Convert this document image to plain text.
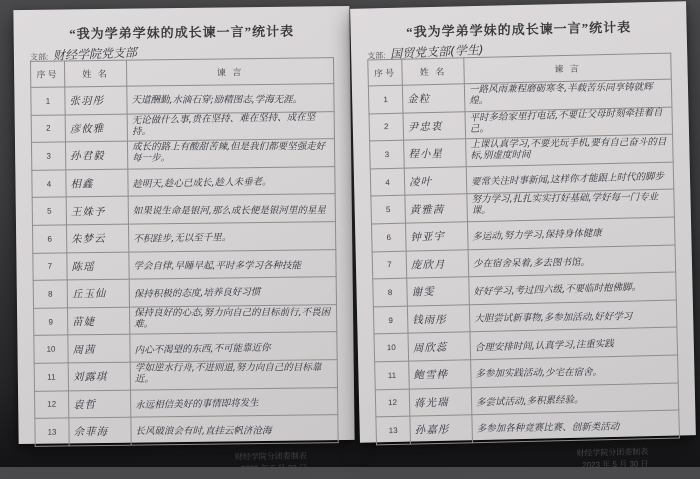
“我为学弟学妹的成长谏一言”统计表
支部: 财经学院党支部
序号	姓 名	谏 言
1	张羽彤	天道酬勤,水滴石穿;励精图志,学海无涯。
2	彦攸雅	无论做什么事,贵在坚持、难在坚持、成在坚持。
3	孙君毅	成长的路上有酸甜苦辣,但是我们都要坚强走好每一步。
4	相鑫	趁明天,趁心已成长,趁人未垂老。
5	王姝予	如果说生命是银河,那么成长便是银河里的星星
6	朱梦云	不积跬步,无以至千里。
7	陈瑶	学会自律,早睡早起,平时多学习各种技能
8	丘玉仙	保持积极的态度,培养良好习惯
9	苗婕	保持良好的心态,努力向自己的目标前行,不畏困难。
10	周茜	内心不渴望的东西,不可能靠近你
11	刘露琪	学如逆水行舟,不进则退,努力向自己的目标靠近。
12	袁哲	永远相信美好的事情即将发生
13	佘菲海	长风破浪会有时,直挂云帆济沧海
财经学院分团委制表
2023 年 5 月 30 日
“我为学弟学妹的成长谏一言”统计表
支部: 国贸党支部(学生)
序号	姓 名	谏 言
1	金粒	一路风雨兼程磨砺寒冬,半载苦乐同享铸就辉煌。
2	尹忠衷	平时多给家里打电话,不要让父母时刻牵挂着自己。
3	程小星	上课认真学习,不要光玩手机,要有自己奋斗的目标,别虚度时间
4	凌叶	要常关注时事新闻,这样你才能跟上时代的脚步
5	黄雅茜	努力学习,扎扎实实打好基础,学好每一门专业课。
6	钟亚宇	多运动,努力学习,保持身体健康
7	庞欣月	少在宿舍呆着,多去图书馆。
8	谢雯	好好学习,考过四六级,不要临时抱佛脚。
9	钱雨彤	大胆尝试新事物,多参加活动,好好学习
10	周欣蕊	合理安排时间,认真学习,注重实践
11	鲍雪桦	多参加实践活动,少宅在宿舍。
12	蒋光瑞	多尝试活动,多积累经验。
13	孙嘉彤	多参加各种竞赛比赛、创新类活动
财经学院分团委制表
2023 年 5 月 30 日
